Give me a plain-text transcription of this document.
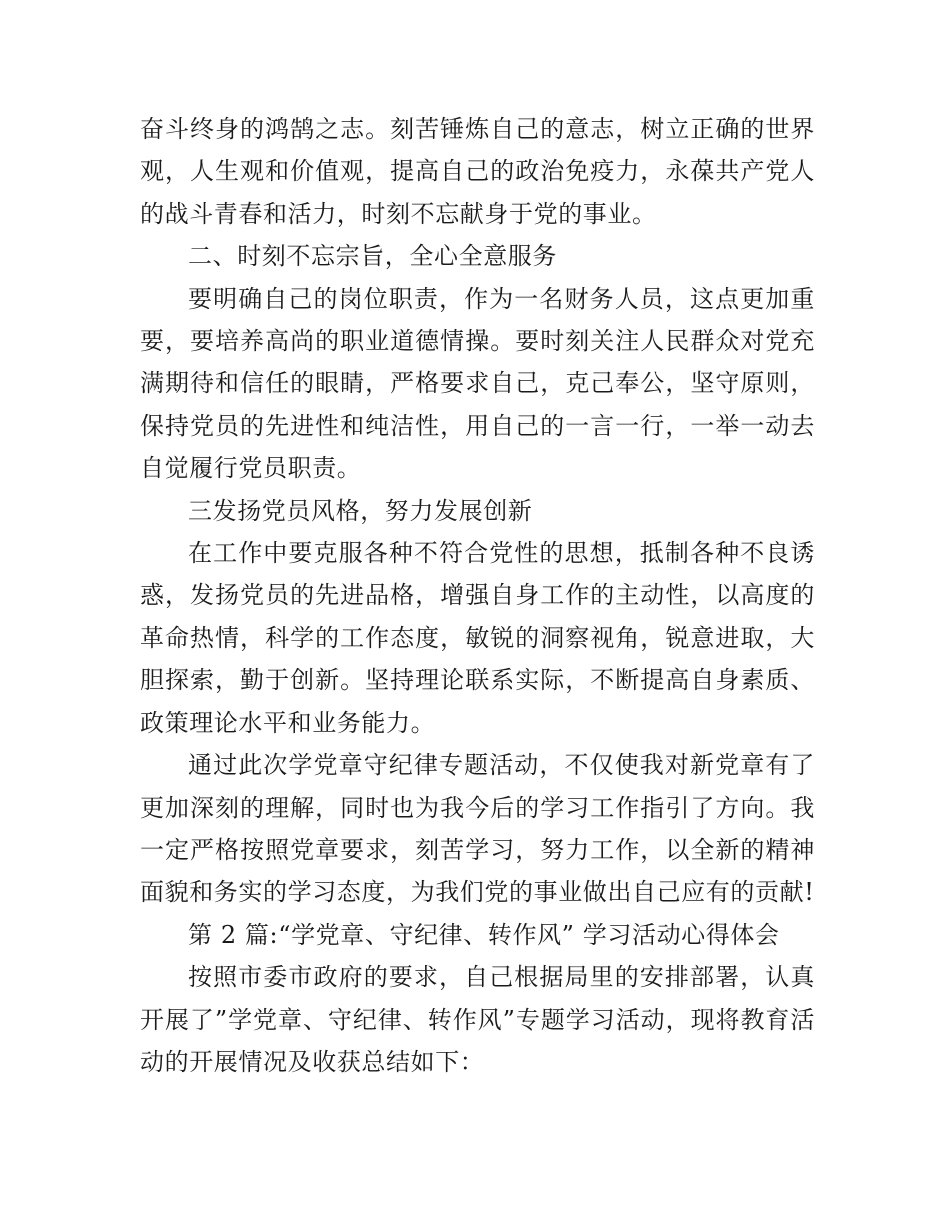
奋斗终身的鸿鹄之志。刻苦锤炼自己的意志，树立正确的世界观，人生观和价值观，提高自己的政治免疫力，永葆共产党人的战斗青春和活力，时刻不忘献身于党的事业。

二、时刻不忘宗旨，全心全意服务

要明确自己的岗位职责，作为一名财务人员，这点更加重要，要培养高尚的职业道德情操。要时刻关注人民群众对党充满期待和信任的眼睛，严格要求自己，克己奉公，坚守原则，保持党员的先进性和纯洁性，用自己的一言一行，一举一动去自觉履行党员职责。

三发扬党员风格，努力发展创新

在工作中要克服各种不符合党性的思想，抵制各种不良诱惑，发扬党员的先进品格，增强自身工作的主动性，以高度的革命热情，科学的工作态度，敏锐的洞察视角，锐意进取，大胆探索，勤于创新。坚持理论联系实际，不断提高自身素质、政策理论水平和业务能力。

通过此次学党章守纪律专题活动，不仅使我对新党章有了更加深刻的理解，同时也为我今后的学习工作指引了方向。我一定严格按照党章要求，刻苦学习，努力工作，以全新的精神面貌和务实的学习态度，为我们党的事业做出自己应有的贡献!

第 2 篇:“学党章、守纪律、转作风” 学习活动心得体会

按照市委市政府的要求，自己根据局里的安排部署，认真开展了”学党章、守纪律、转作风”专题学习活动，现将教育活动的开展情况及收获总结如下：
